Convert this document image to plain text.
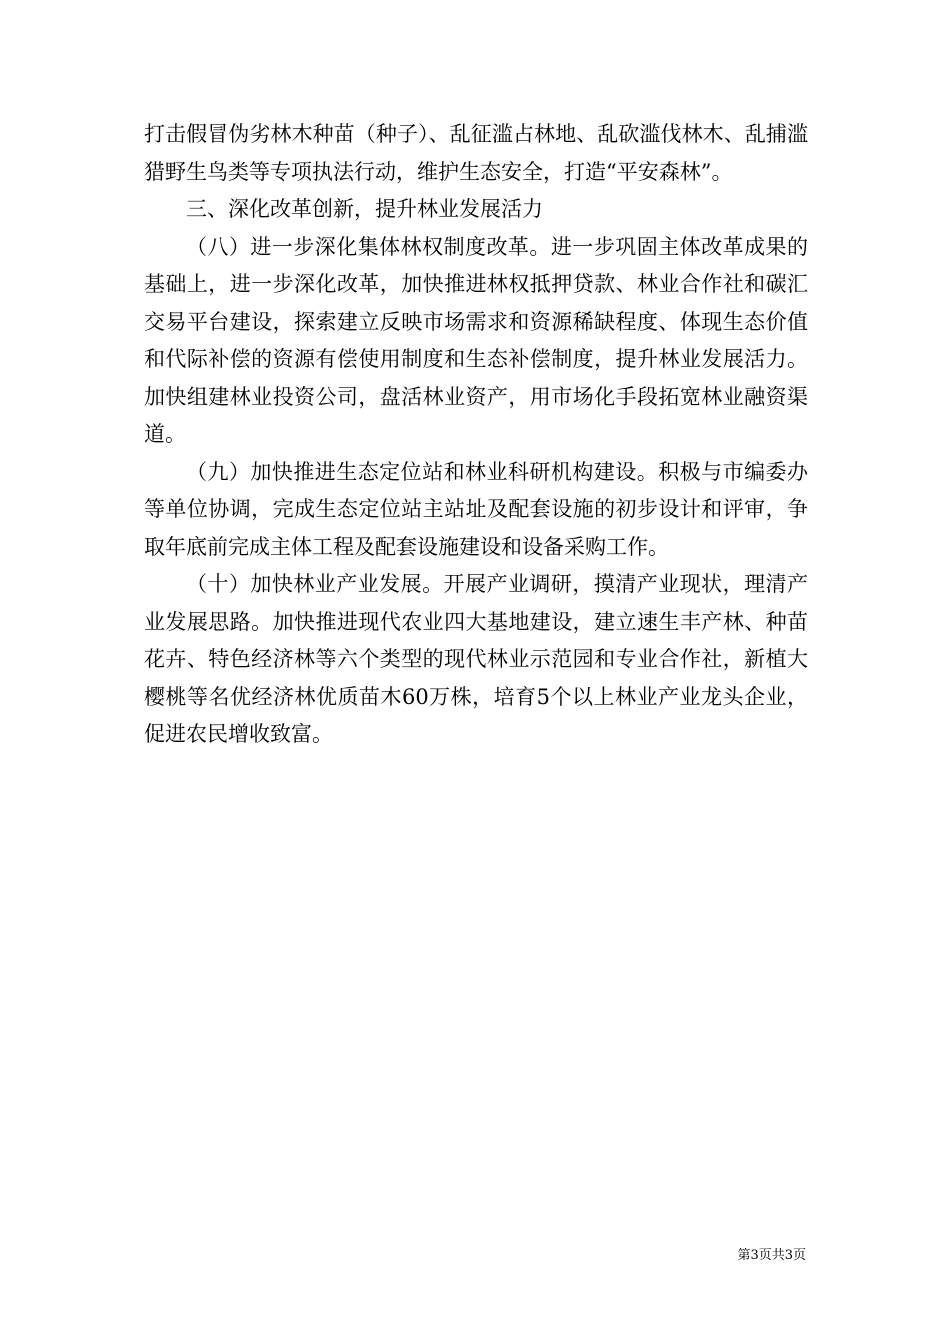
打击假冒伪劣林木种苗（种子）、乱征滥占林地、乱砍滥伐林木、乱捕滥猎野生鸟类等专项执法行动，维护生态安全，打造“平安森林”。

三、深化改革创新，提升林业发展活力

（八）进一步深化集体林权制度改革。进一步巩固主体改革成果的基础上，进一步深化改革，加快推进林权抵押贷款、林业合作社和碳汇交易平台建设，探索建立反映市场需求和资源稀缺程度、体现生态价值和代际补偿的资源有偿使用制度和生态补偿制度，提升林业发展活力。加快组建林业投资公司，盘活林业资产，用市场化手段拓宽林业融资渠道。

（九）加快推进生态定位站和林业科研机构建设。积极与市编委办等单位协调，完成生态定位站主站址及配套设施的初步设计和评审，争取年底前完成主体工程及配套设施建设和设备采购工作。

（十）加快林业产业发展。开展产业调研，摸清产业现状，理清产业发展思路。加快推进现代农业四大基地建设，建立速生丰产林、种苗花卉、特色经济林等六个类型的现代林业示范园和专业合作社，新植大樱桃等名优经济林优质苗木60万株，培育5个以上林业产业龙头企业，促进农民增收致富。

第3页共3页
